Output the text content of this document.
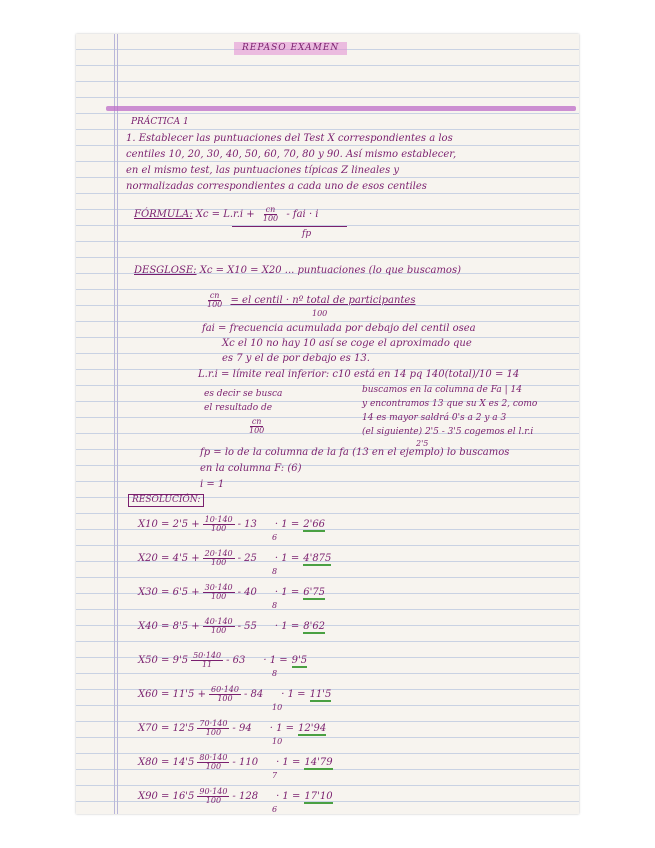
REPASO EXAMEN
PRÁCTICA 1
1. Establecer las puntuaciones del Test X correspondientes a los
centiles 10, 20, 30, 40, 50, 60, 70, 80 y 90. Así mismo establecer,
en el mismo test, las puntuaciones típicas Z lineales y
normalizadas correspondientes a cada uno de esos centiles
FÓRMULA: $Xc = L.r.i + \frac{cn}{100}$ - fai · i
fp
DESGLOSE: Xc = X10 = X20 ... puntuaciones (lo que buscamos)
$\frac{cn}{100}$ = el centil · nº total de participantes
100
fai = frecuencia acumulada por debajo del centil osea
Xc el 10 no hay 10 así se coge el aproximado que
es 7 y el de por debajo es 13.
L.r.i = límite real inferior: c10 está en 14 pq 140(total)/10 = 14
buscamos en la columna de Fa | 14
y encontramos 13 que su X es 2, como
14 es mayor saldrá 0's a 2 y a 3
(el siguiente) 2'5 - 3'5 cogemos el l.r.i
2'5
es decir se busca
el resultado de
$\frac{cn}{100}$
fp = lo de la columna de la fa (13 en el ejemplo) lo buscamos
en la columna F: (6)
i = 1
RESOLUCIÓN:
$X10 = 2'5 + \frac{10\cdot 140}{100} - 13 \cdot 1 = 2'66$
6
$X20 = 4'5 + \frac{20\cdot 140}{100} - 25 \cdot 1 = 4'875$
8
$X30 = 6'5 + \frac{30\cdot 140}{100} - 40 \cdot 1 = 6'75$
8
$X40 = 8'5 + \frac{40\cdot 140}{100} - 55 \cdot 1 = 8'62$
$X50 = 9'5 \frac{50\cdot 140}{11} - 63 \cdot 1 = 9'5$
8
$X60 = 11'5 + \frac{60\cdot 140}{100} - 84 \cdot 1 = 11'5$
10
$X70 = 12'5 \frac{70\cdot 140}{100} - 94 \cdot 1 = 12'94$
10
$X80 = 14'5 \frac{80\cdot 140}{100} - 110 \cdot 1 = 14'79$
7
$X90 = 16'5 \frac{90\cdot 140}{100} - 128 \cdot 1 = 17'10$
6
